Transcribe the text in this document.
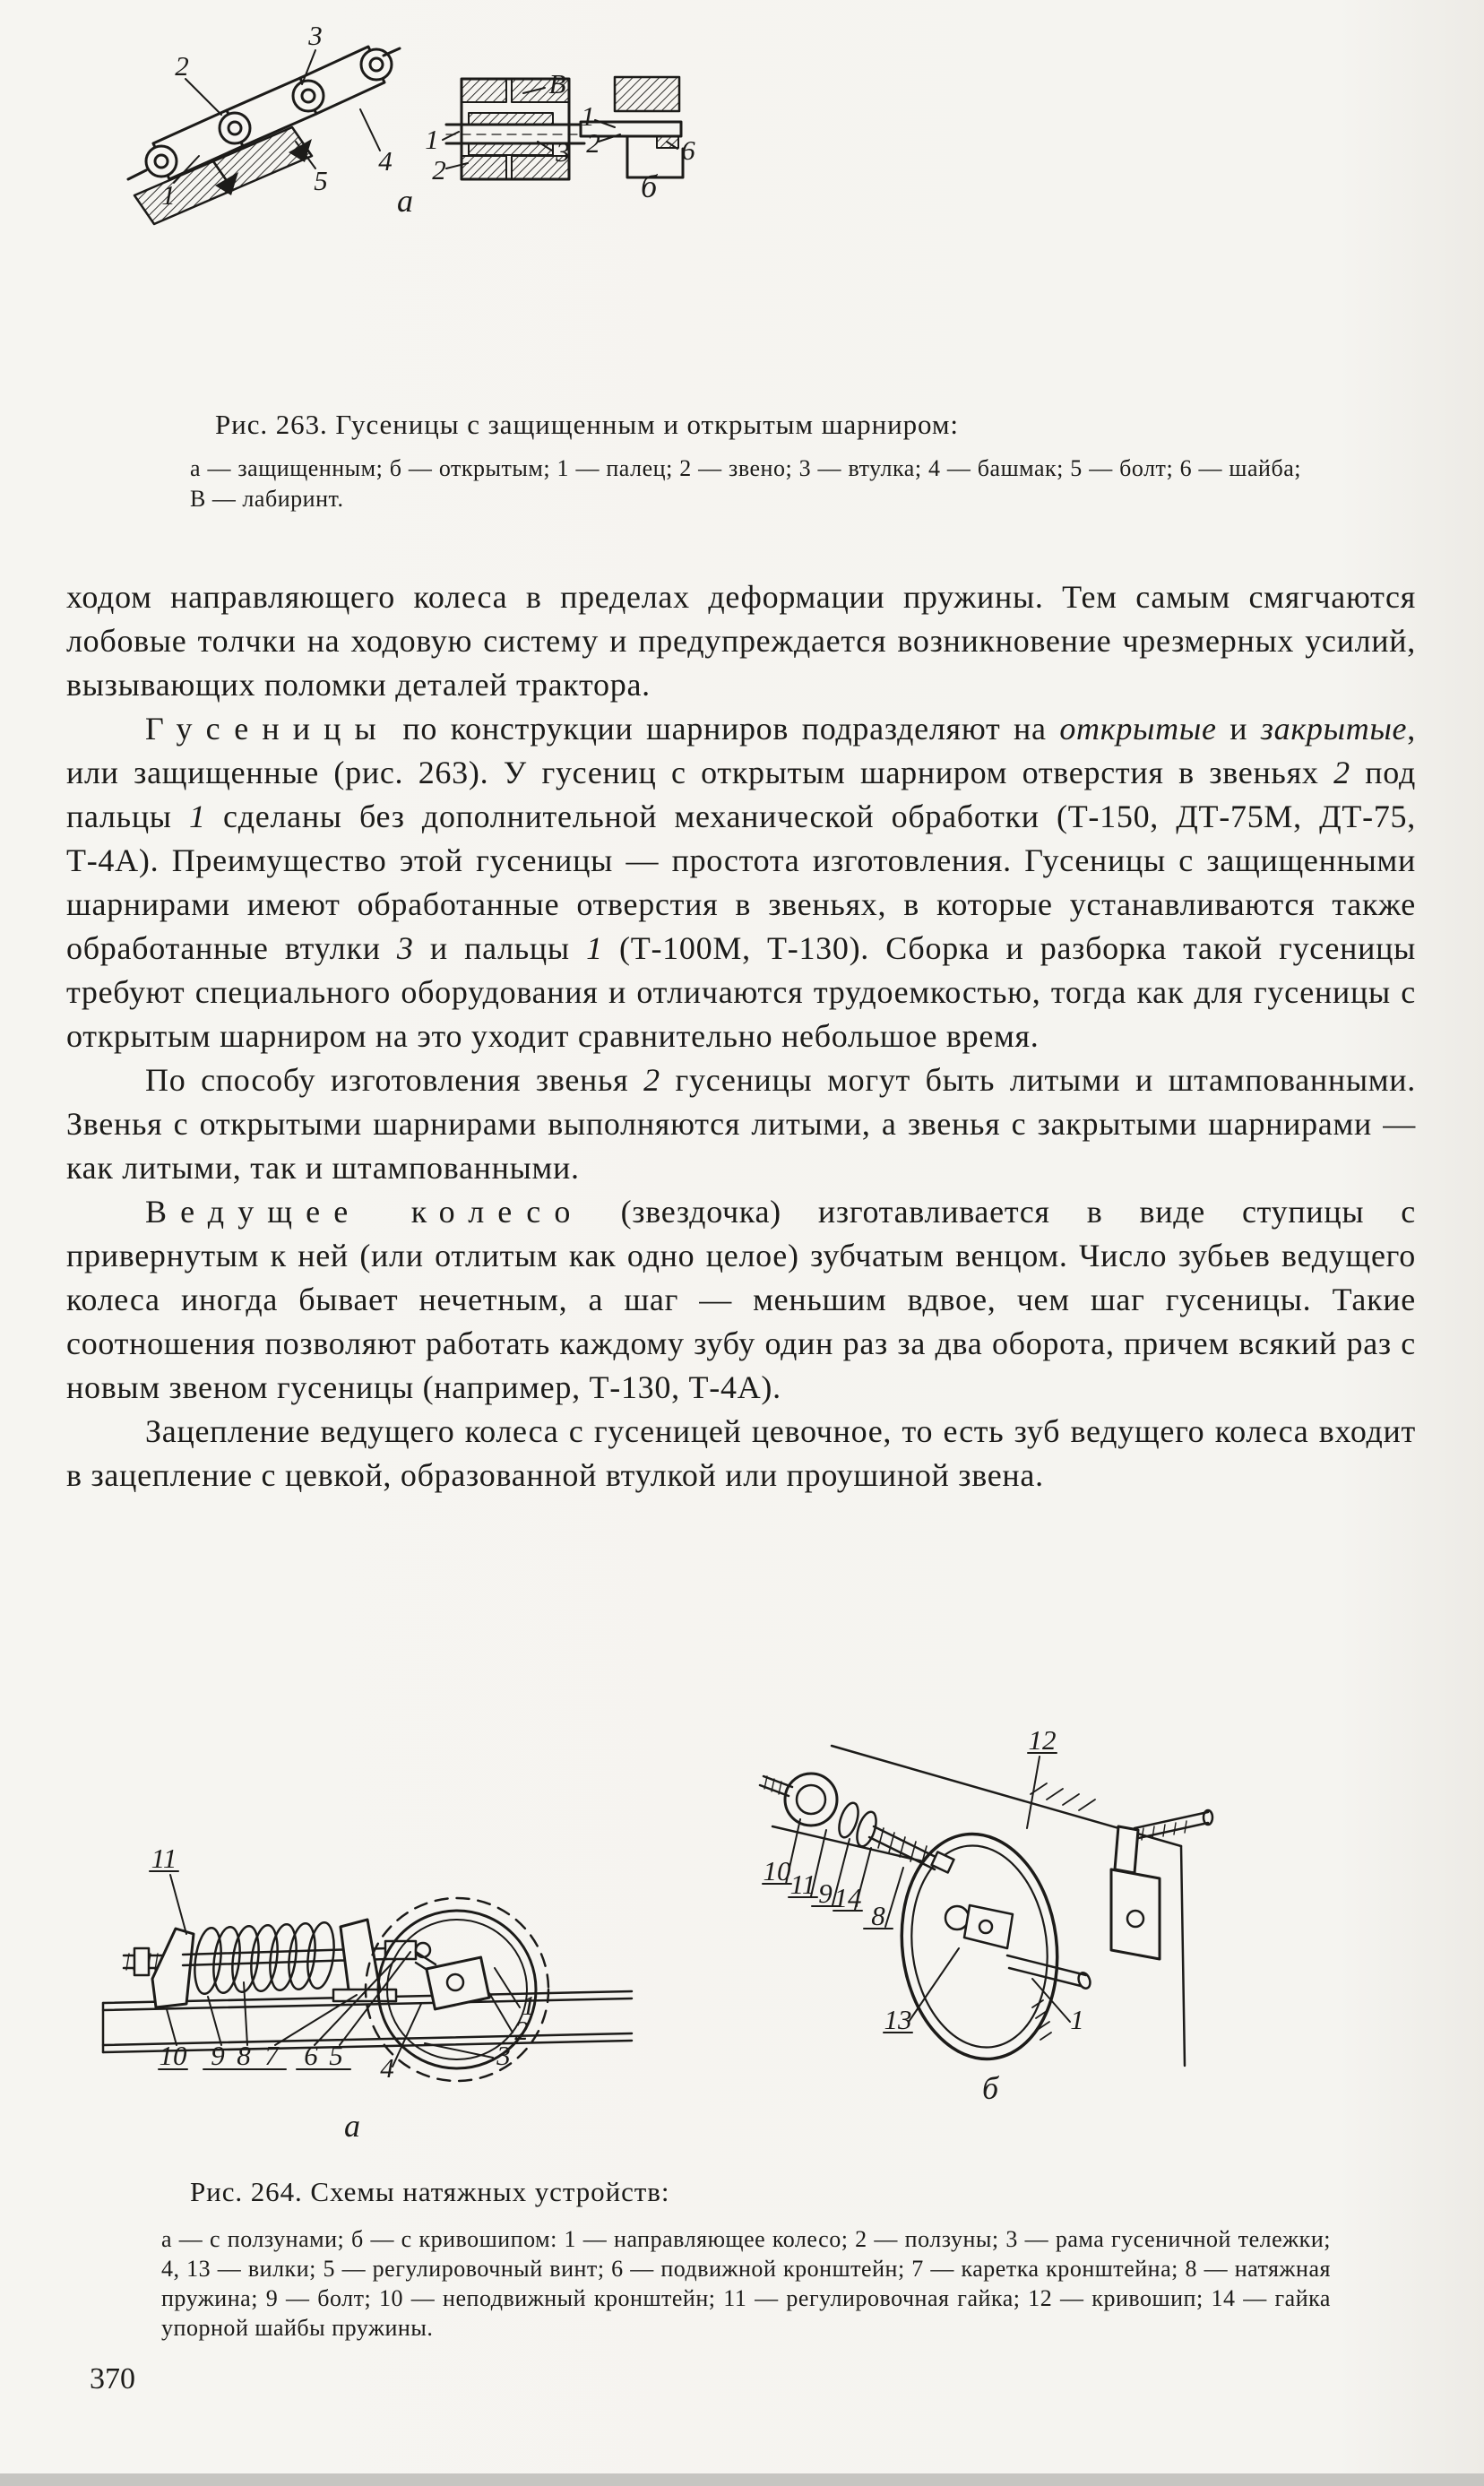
2
3
4
5
1
В
1	3
2
1
2	6
а	б
Рис. 263. Гусеницы с защищенным и открытым шарниром:
а — защищенным; б — открытым; 1 — палец; 2 — звено; 3 — втулка; 4 — башмак; 5 — болт; 6 — шайба; В — лабиринт.

ходом направляющего колеса в пределах деформации пружины. Тем самым смягчаются лобовые толчки на ходовую систему и предупреждается возникновение чрезмерных усилий, вызывающих поломки деталей трактора.

Гусеницы по конструкции шарниров подразделяют на открытые и закрытые, или защищенные (рис. 263). У гусениц с открытым шарниром отверстия в звеньях 2 под пальцы 1 сделаны без дополнительной механической обработки (Т-150, ДТ-75М, ДТ-75, Т-4А). Преимущество этой гусеницы — простота изготовления. Гусеницы с защищенными шарнирами имеют обработанные отверстия в звеньях, в которые устанавливаются также обработанные втулки 3 и пальцы 1 (Т-100М, Т-130). Сборка и разборка такой гусеницы требуют специального оборудования и отличаются трудоемкостью, тогда как для гусеницы с открытым шарниром на это уходит сравнительно небольшое время.

По способу изготовления звенья 2 гусеницы могут быть литыми и штампованными. Звенья с открытыми шарнирами выполняются литыми, а звенья с закрытыми шарнирами — как литыми, так и штампованными.

Ведущее колесо (звездочка) изготавливается в виде ступицы с привернутым к ней (или отлитым как одно целое) зубчатым венцом. Число зубьев ведущего колеса иногда бывает нечетным, а шаг — меньшим вдвое, чем шаг гусеницы. Такие соотношения позволяют работать каждому зубу один раз за два оборота, причем всякий раз с новым звеном гусеницы (например, Т-130, Т-4А).

Зацепление ведущего колеса с гусеницей цевочное, то есть зуб ведущего колеса входит в зацепление с цевкой, образованной втулкой или проушиной звена.

11
10 9 8 7 6 5 4
1
2
3
12
10 11 9 14
8
13	1
а
б
Рис. 264. Схемы натяжных устройств:
а — с ползунами; б — с кривошипом: 1 — направляющее колесо; 2 — ползуны; 3 — рама гусеничной тележки; 4, 13 — вилки; 5 — регулировочный винт; 6 — подвижной кронштейн; 7 — каретка кронштейна; 8 — натяжная пружина; 9 — болт; 10 — неподвижный кронштейн; 11 — регулировочная гайка; 12 — кривошип; 14 — гайка упорной шайбы пружины.
370
